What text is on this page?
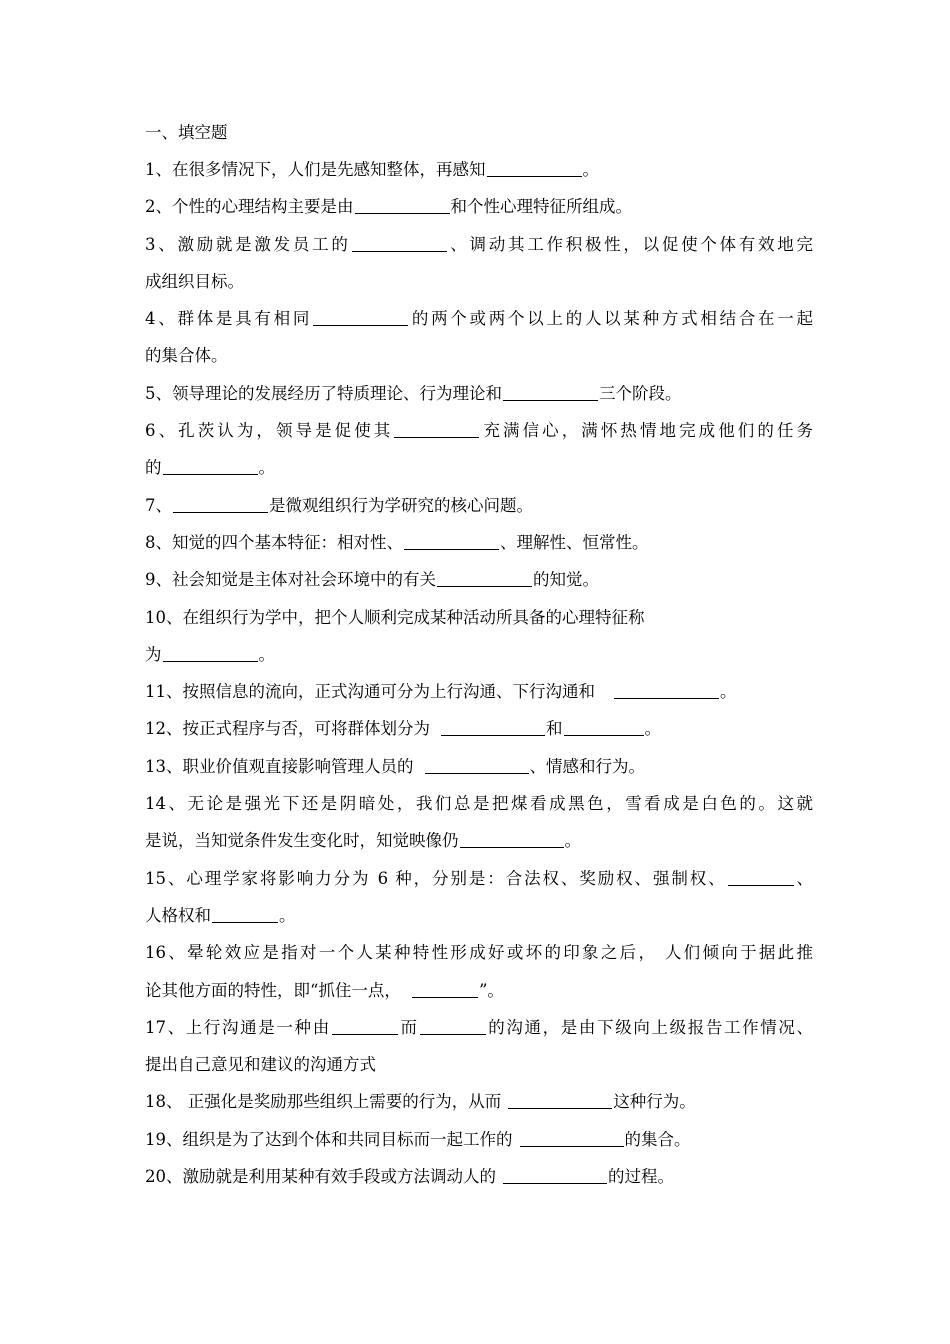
一、填空题
1、在很多情况下，人们是先感知整体，再感知	。
2、个性的心理结构主要是由	和个性心理特征所组成。
3、激励就是激发员工的	、调动其工作积极性，以促使个体有效地完
成组织目标。
4、群体是具有相同	的两个或两个以上的人以某种方式相结合在一起
的集合体。
5、领导理论的发展经历了特质理论、行为理论和	三个阶段。
6、孔茨认为，领导是促使其	充满信心，满怀热情地完成他们的任务
的	。
7、	是微观组织行为学研究的核心问题。
8、知觉的四个基本特征：相对性、	、理解性、恒常性。
9、社会知觉是主体对社会环境中的有关	的知觉。
10、在组织行为学中，把个人顺利完成某种活动所具备的心理特征称
为	。
11、按照信息的流向，正式沟通可分为上行沟通、下行沟通和	。
12、按正式程序与否，可将群体划分为	和	。
13、职业价值观直接影响管理人员的	、情感和行为。
14、无论是强光下还是阴暗处，我们总是把煤看成黑色，雪看成是白色的。这就
是说，当知觉条件发生变化时，知觉映像仍	。
15、心理学家将影响力分为 6 种，分别是：合法权、奖励权、强制权、	、
人格权和	。
16、晕轮效应是指对一个人某种特性形成好或坏的印象之后， 人们倾向于据此推
论其他方面的特性，即“抓住一点，	”。
17、上行沟通是一种由	而	的沟通，是由下级向上级报告工作情况、
提出自己意见和建议的沟通方式
18、 正强化是奖励那些组织上需要的行为，从而	这种行为。
19、组织是为了达到个体和共同目标而一起工作的	的集合。
20、激励就是利用某种有效手段或方法调动人的	的过程。
